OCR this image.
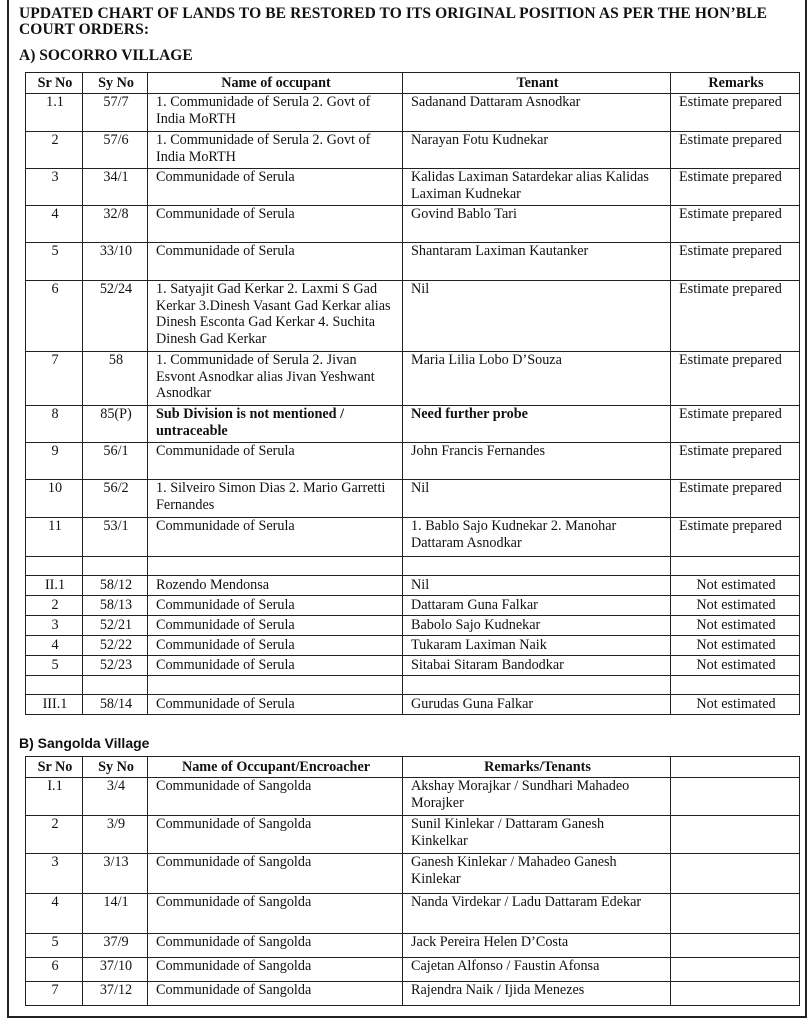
UPDATED CHART OF LANDS TO BE RESTORED TO ITS ORIGINAL POSITION AS PER THE HON’BLE COURT ORDERS:
A) SOCORRO VILLAGE
Sr No	Sy No	Name of occupant	Tenant	Remarks
1.1	57/7	1. Communidade of Serula 2. Govt of India MoRTH	Sadanand Dattaram Asnodkar	Estimate prepared
2	57/6	1. Communidade of Serula 2. Govt of India MoRTH	Narayan Fotu Kudnekar	Estimate prepared
3	34/1	Communidade of Serula	Kalidas Laximan Satardekar alias Kalidas Laximan Kudnekar	Estimate prepared
4	32/8	Communidade of Serula	Govind Bablo Tari	Estimate prepared
5	33/10	Communidade of Serula	Shantaram Laximan Kautanker	Estimate prepared
6	52/24	1. Satyajit Gad Kerkar 2. Laxmi S Gad Kerkar 3.Dinesh Vasant Gad Kerkar alias Dinesh Esconta Gad Kerkar 4. Suchita Dinesh Gad Kerkar	Nil	Estimate prepared
7	58	1. Communidade of Serula 2. Jivan Esvont Asnodkar alias Jivan Yeshwant Asnodkar	Maria Lilia Lobo D’Souza	Estimate prepared
8	85(P)	Sub Division is not mentioned / untraceable	Need further probe	Estimate prepared
9	56/1	Communidade of Serula	John Francis Fernandes	Estimate prepared
10	56/2	1. Silveiro Simon Dias 2. Mario Garretti Fernandes	Nil	Estimate prepared
11	53/1	Communidade of Serula	1. Bablo Sajo Kudnekar 2. Manohar Dattaram Asnodkar	Estimate prepared

II.1	58/12	Rozendo Mendonsa	Nil	Not estimated
2	58/13	Communidade of Serula	Dattaram Guna Falkar	Not estimated
3	52/21	Communidade of Serula	Babolo Sajo Kudnekar	Not estimated
4	52/22	Communidade of Serula	Tukaram Laximan Naik	Not estimated
5	52/23	Communidade of Serula	Sitabai Sitaram Bandodkar	Not estimated

III.1	58/14	Communidade of Serula	Gurudas Guna Falkar	Not estimated
B) Sangolda Village
Sr No	Sy No	Name of Occupant/Encroacher	Remarks/Tenants	
I.1	3/4	Communidade of Sangolda	Akshay Morajkar / Sundhari Mahadeo Morajker	
2	3/9	Communidade of Sangolda	Sunil Kinlekar / Dattaram Ganesh Kinkelkar	
3	3/13	Communidade of Sangolda	Ganesh Kinlekar / Mahadeo Ganesh Kinlekar	
4	14/1	Communidade of Sangolda	Nanda Virdekar / Ladu Dattaram Edekar	
5	37/9	Communidade of Sangolda	Jack Pereira Helen D’Costa	
6	37/10	Communidade of Sangolda	Cajetan Alfonso / Faustin Afonsa	
7	37/12	Communidade of Sangolda	Rajendra Naik / Ijida Menezes	
